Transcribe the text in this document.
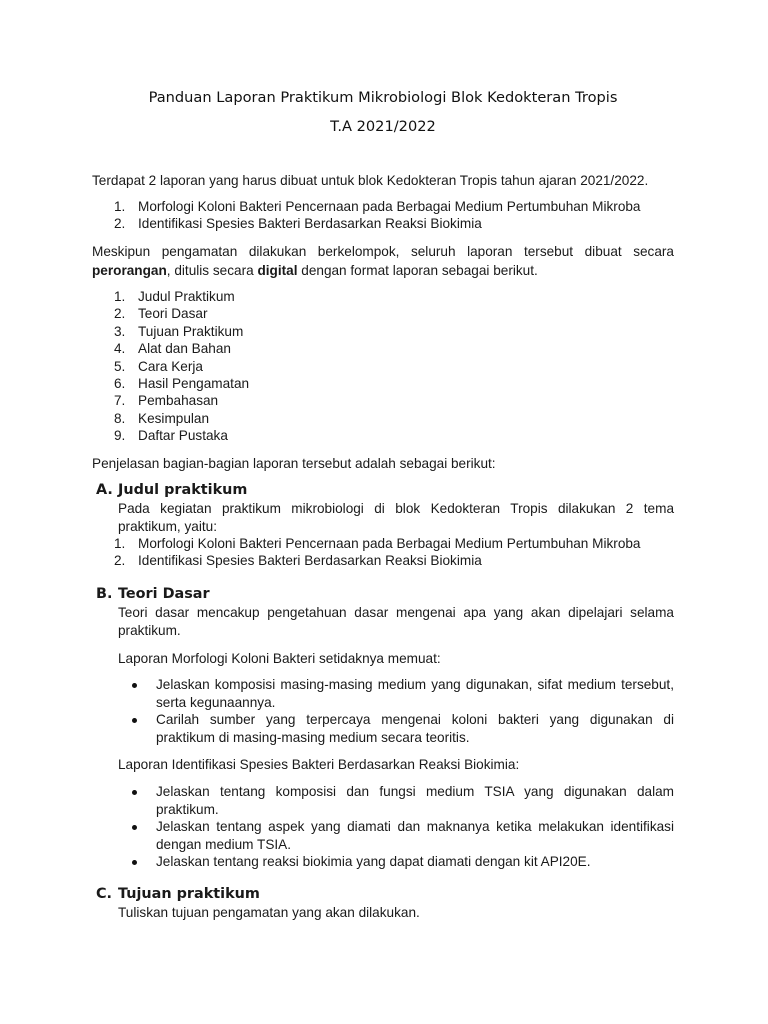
Panduan Laporan Praktikum Mikrobiologi Blok Kedokteran Tropis
T.A 2021/2022
Terdapat 2 laporan yang harus dibuat untuk blok Kedokteran Tropis tahun ajaran 2021/2022.
1. Morfologi Koloni Bakteri Pencernaan pada Berbagai Medium Pertumbuhan Mikroba
2. Identifikasi Spesies Bakteri Berdasarkan Reaksi Biokimia
Meskipun pengamatan dilakukan berkelompok, seluruh laporan tersebut dibuat secara
perorangan, ditulis secara digital dengan format laporan sebagai berikut.
1. Judul Praktikum
2. Teori Dasar
3. Tujuan Praktikum
4. Alat dan Bahan
5. Cara Kerja
6. Hasil Pengamatan
7. Pembahasan
8. Kesimpulan
9. Daftar Pustaka
Penjelasan bagian-bagian laporan tersebut adalah sebagai berikut:
A. Judul praktikum
Pada kegiatan praktikum mikrobiologi di blok Kedokteran Tropis dilakukan 2 tema
praktikum, yaitu:
1. Morfologi Koloni Bakteri Pencernaan pada Berbagai Medium Pertumbuhan Mikroba
2. Identifikasi Spesies Bakteri Berdasarkan Reaksi Biokimia
B. Teori Dasar
Teori dasar mencakup pengetahuan dasar mengenai apa yang akan dipelajari selama
praktikum.
Laporan Morfologi Koloni Bakteri setidaknya memuat:
Jelaskan komposisi masing-masing medium yang digunakan, sifat medium tersebut,
serta kegunaannya.
Carilah sumber yang terpercaya mengenai koloni bakteri yang digunakan di
praktikum di masing-masing medium secara teoritis.
Laporan Identifikasi Spesies Bakteri Berdasarkan Reaksi Biokimia:
Jelaskan tentang komposisi dan fungsi medium TSIA yang digunakan dalam
praktikum.
Jelaskan tentang aspek yang diamati dan maknanya ketika melakukan identifikasi
dengan medium TSIA.
Jelaskan tentang reaksi biokimia yang dapat diamati dengan kit API20E.
C. Tujuan praktikum
Tuliskan tujuan pengamatan yang akan dilakukan.
